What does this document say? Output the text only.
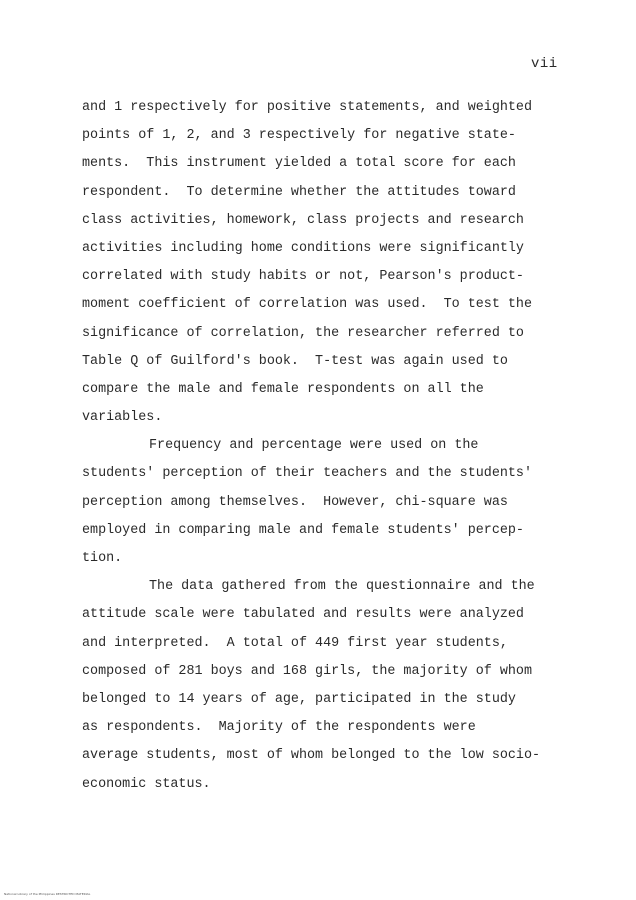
vii
and 1 respectively for positive statements, and weighted
points of 1, 2, and 3 respectively for negative state-
ments.  This instrument yielded a total score for each
respondent.  To determine whether the attitudes toward
class activities, homework, class projects and research
activities including home conditions were significantly
correlated with study habits or not, Pearson's product-
moment coefficient of correlation was used.  To test the
significance of correlation, the researcher referred to
Table Q of Guilford's book.  T-test was again used to
compare the male and female respondents on all the
variables.
Frequency and percentage were used on the
students' perception of their teachers and the students'
perception among themselves.  However, chi-square was
employed in comparing male and female students' percep-
tion.
The data gathered from the questionnaire and the
attitude scale were tabulated and results were analyzed
and interpreted.  A total of 449 first year students,
composed of 281 boys and 168 girls, the majority of whom
belonged to 14 years of age, participated in the study
as respondents.  Majority of the respondents were
average students, most of whom belonged to the low socio-
economic status.
National Library of the Philippines RESTRICTED MATERIAL
